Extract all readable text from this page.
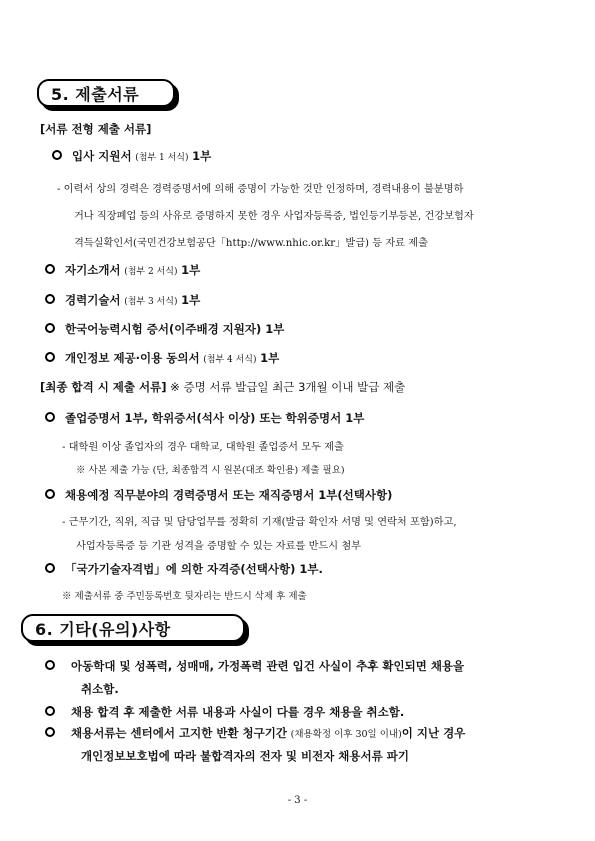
5. 제출서류
[서류 전형 제출 서류]
입사 지원서 (첨부 1 서식) 1부
- 이력서 상의 경력은 경력증명서에 의해 증명이 가능한 것만 인정하며, 경력내용이 불분명하
거나 직장폐업 등의 사유로 증명하지 못한 경우 사업자등록증, 법인등기부등본, 건강보험자
격득실확인서(국민건강보험공단「http://www.nhic.or.kr」발급) 등 자료 제출
자기소개서 (첨부 2 서식) 1부
경력기술서 (첨부 3 서식) 1부
한국어능력시험 증서(이주배경 지원자) 1부
개인정보 제공·이용 동의서 (첨부 4 서식) 1부
[최종 합격 시 제출 서류] ※ 증명 서류 발급일 최근 3개월 이내 발급 제출
졸업증명서 1부, 학위증서(석사 이상) 또는 학위증명서 1부
- 대학원 이상 졸업자의 경우 대학교, 대학원 졸업증서 모두 제출
※ 사본 제출 가능 (단, 최종합격 시 원본(대조 확인용) 제출 필요)
채용예정 직무분야의 경력증명서 또는 재직증명서 1부(선택사항)
- 근무기간, 직위, 직급 및 담당업무를 정확히 기재(발급 확인자 서명 및 연락처 포함)하고,
사업자등록증 등 기관 성격을 증명할 수 있는 자료를 반드시 첨부
「국가기술자격법」에 의한 자격증(선택사항) 1부.
※ 제출서류 중 주민등록번호 뒷자리는 반드시 삭제 후 제출
6. 기타(유의)사항
아동학대 및 성폭력, 성매매, 가정폭력 관련 입건 사실이 추후 확인되면 채용을
취소함.
채용 합격 후 제출한 서류 내용과 사실이 다를 경우 채용을 취소함.
채용서류는 센터에서 고지한 반환 청구기간 (채용확정 이후 30일 이내)이 지난 경우
개인정보보호법에 따라 불합격자의 전자 및 비전자 채용서류 파기
- 3 -
